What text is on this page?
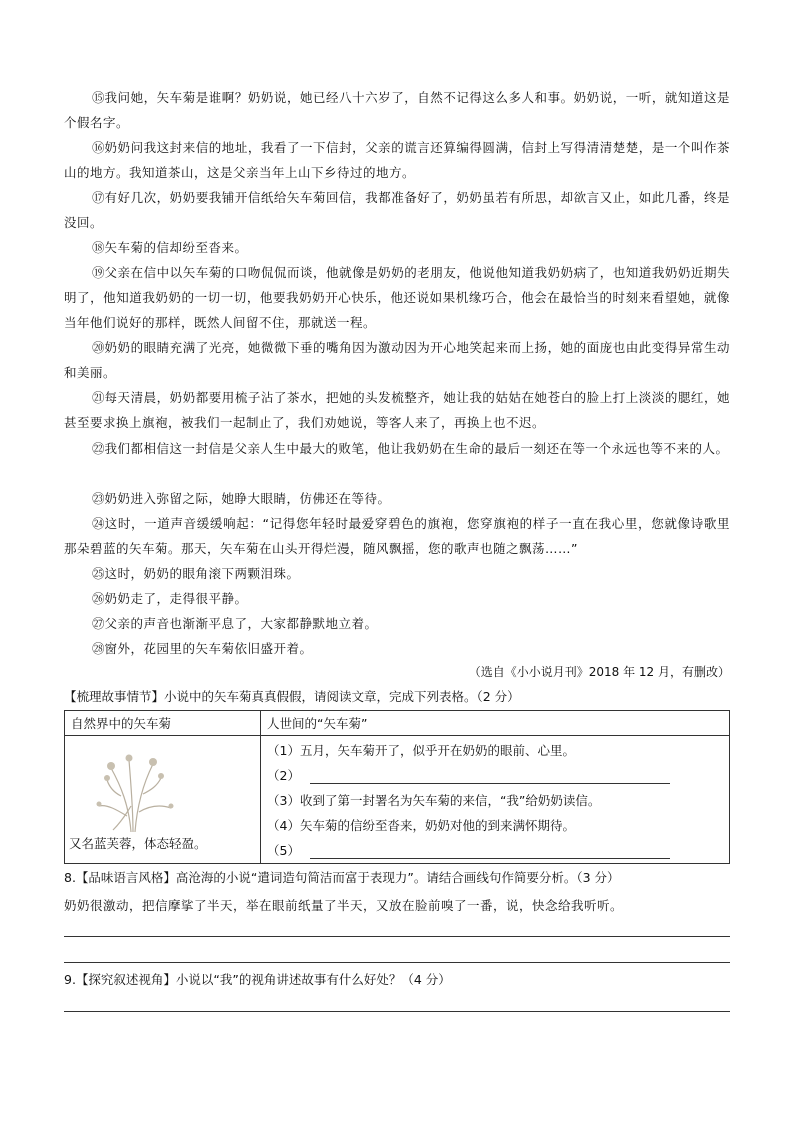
⑮我问她，矢车菊是谁啊？奶奶说，她已经八十六岁了，自然不记得这么多人和事。奶奶说，一听，就知道这是个假名字。
⑯奶奶问我这封来信的地址，我看了一下信封，父亲的谎言还算编得圆满，信封上写得清清楚楚，是一个叫作茶山的地方。我知道茶山，这是父亲当年上山下乡待过的地方。
⑰有好几次，奶奶要我铺开信纸给矢车菊回信，我都准备好了，奶奶虽若有所思，却欲言又止，如此几番，终是没回。
⑱矢车菊的信却纷至沓来。
⑲父亲在信中以矢车菊的口吻侃侃而谈，他就像是奶奶的老朋友，他说他知道我奶奶病了，也知道我奶奶近期失明了，他知道我奶奶的一切一切，他要我奶奶开心快乐，他还说如果机缘巧合，他会在最恰当的时刻来看望她，就像当年他们说好的那样，既然人间留不住，那就送一程。
⑳奶奶的眼睛充满了光亮，她微微下垂的嘴角因为激动因为开心地笑起来而上扬，她的面庞也由此变得异常生动和美丽。
㉑每天清晨，奶奶都要用梳子沾了茶水，把她的头发梳整齐，她让我的姑姑在她苍白的脸上打上淡淡的腮红，她甚至要求换上旗袍，被我们一起制止了，我们劝她说，等客人来了，再换上也不迟。
㉒我们都相信这一封信是父亲人生中最大的败笔，他让我奶奶在生命的最后一刻还在等一个永远也等不来的人。
㉓奶奶进入弥留之际，她睁大眼睛，仿佛还在等待。
㉔这时，一道声音缓缓响起：“记得您年轻时最爱穿碧色的旗袍，您穿旗袍的样子一直在我心里，您就像诗歌里那朵碧蓝的矢车菊。那天，矢车菊在山头开得烂漫，随风飘摇，您的歌声也随之飘荡……”
㉕这时，奶奶的眼角滚下两颗泪珠。
㉖奶奶走了，走得很平静。
㉗父亲的声音也渐渐平息了，大家都静默地立着。
㉘窗外，花园里的矢车菊依旧盛开着。
（选自《小小说月刊》2018 年 12 月，有删改）
【梳理故事情节】小说中的矢车菊真真假假，请阅读文章，完成下列表格。（2 分）
自然界中的矢车菊	人世间的“矢车菊”

又名蓝芙蓉，体态轻盈。	（1）五月，矢车菊开了，似乎开在奶奶的眼前、心里。
（2）
（3）收到了第一封署名为矢车菊的来信，“我”给奶奶读信。
（4）矢车菊的信纷至沓来，奶奶对他的到来满怀期待。
（5）
8.【品味语言风格】高沧海的小说“遣词造句简洁而富于表现力”。请结合画线句作简要分析。（3 分）
奶奶很激动，把信摩挲了半天，举在眼前纸量了半天，又放在脸前嗅了一番，说，快念给我听听。
9.【探究叙述视角】小说以“我”的视角讲述故事有什么好处？（4 分）
